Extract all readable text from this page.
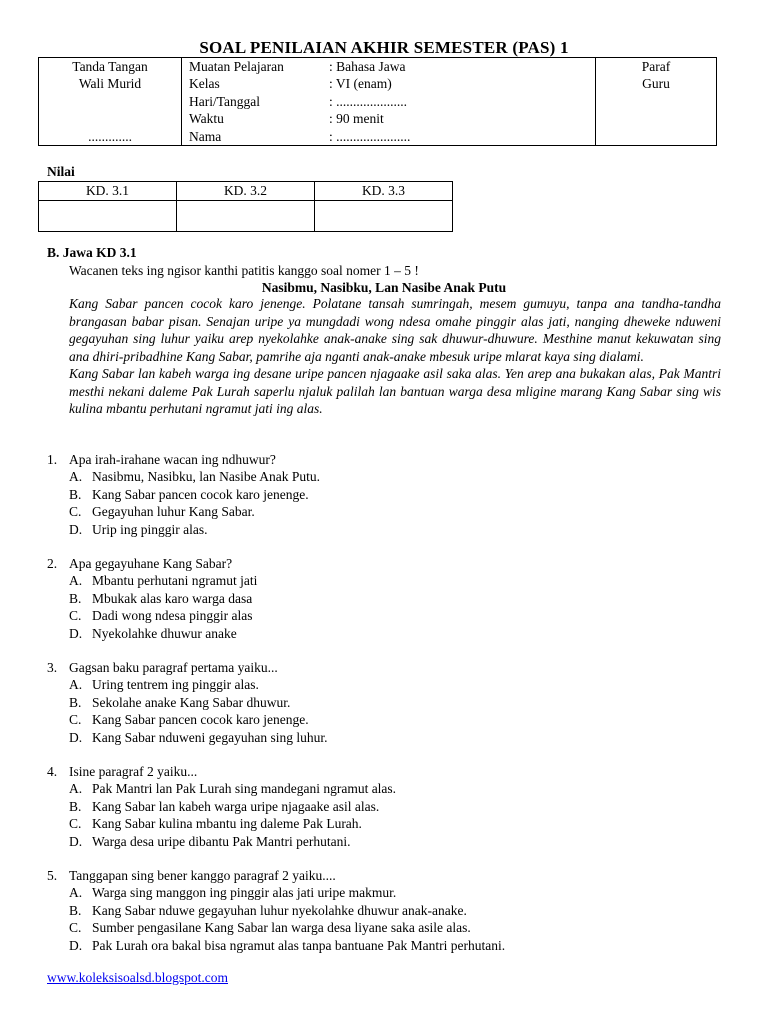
SOAL PENILAIAN AKHIR SEMESTER (PAS) 1
Tanda Tangan
Wali Murid

.............

Muatan Pelajaran	: Bahasa Jawa
Kelas	: VI (enam)
Hari/Tanggal	: .....................
Waktu	: 90 menit
Nama	: ......................

Paraf
Guru
Nilai
KD. 3.1	KD. 3.2	KD. 3.3

B. Jawa KD 3.1
Wacanen teks ing ngisor kanthi patitis kanggo soal nomer 1 – 5 !
Nasibmu, Nasibku, Lan Nasibe Anak Putu

Kang Sabar pancen cocok karo jenenge. Polatane tansah sumringah, mesem gumuyu, tanpa ana tandha-tandha brangasan babar pisan. Senajan uripe ya mungdadi wong ndesa omahe pinggir alas jati, nanging dheweke nduweni gegayuhan sing luhur yaiku arep nyekolahke anak-anake sing sak dhuwur-dhuwure. Mesthine manut kekuwatan sing ana dhiri-pribadhine Kang Sabar, pamrihe aja nganti anak-anake mbesuk uripe mlarat kaya sing dialami.

Kang Sabar lan kabeh warga ing desane uripe pancen njagaake asil saka alas. Yen arep ana bukakan alas, Pak Mantri mesthi nekani daleme Pak Lurah saperlu njaluk palilah lan bantuan warga desa mligine marang Kang Sabar sing wis kulina mbantu perhutani ngramut jati ing alas.

1. Apa irah-irahane wacan ing ndhuwur?
A. Nasibmu, Nasibku, lan Nasibe Anak Putu.
B. Kang Sabar pancen cocok karo jenenge.
C. Gegayuhan luhur Kang Sabar.
D. Urip ing pinggir alas.
2. Apa gegayuhane Kang Sabar?
A. Mbantu perhutani ngramut jati
B. Mbukak alas karo warga dasa
C. Dadi wong ndesa pinggir alas
D. Nyekolahke dhuwur anake
3. Gagsan baku paragraf pertama yaiku...
A. Uring tentrem ing pinggir alas.
B. Sekolahe anake Kang Sabar dhuwur.
C. Kang Sabar pancen cocok karo jenenge.
D. Kang Sabar nduweni gegayuhan sing luhur.
4. Isine paragraf 2 yaiku...
A. Pak Mantri lan Pak Lurah sing mandegani ngramut alas.
B. Kang Sabar lan kabeh warga uripe njagaake asil alas.
C. Kang Sabar kulina mbantu ing daleme Pak Lurah.
D. Warga desa uripe dibantu Pak Mantri perhutani.
5. Tanggapan sing bener kanggo paragraf 2 yaiku....
A. Warga sing manggon ing pinggir alas jati uripe makmur.
B. Kang Sabar nduwe gegayuhan luhur nyekolahke dhuwur anak-anake.
C. Sumber pengasilane Kang Sabar lan warga desa liyane saka asile alas.
D. Pak Lurah ora bakal bisa ngramut alas tanpa bantuane Pak Mantri perhutani.
www.koleksisoalsd.blogspot.com
